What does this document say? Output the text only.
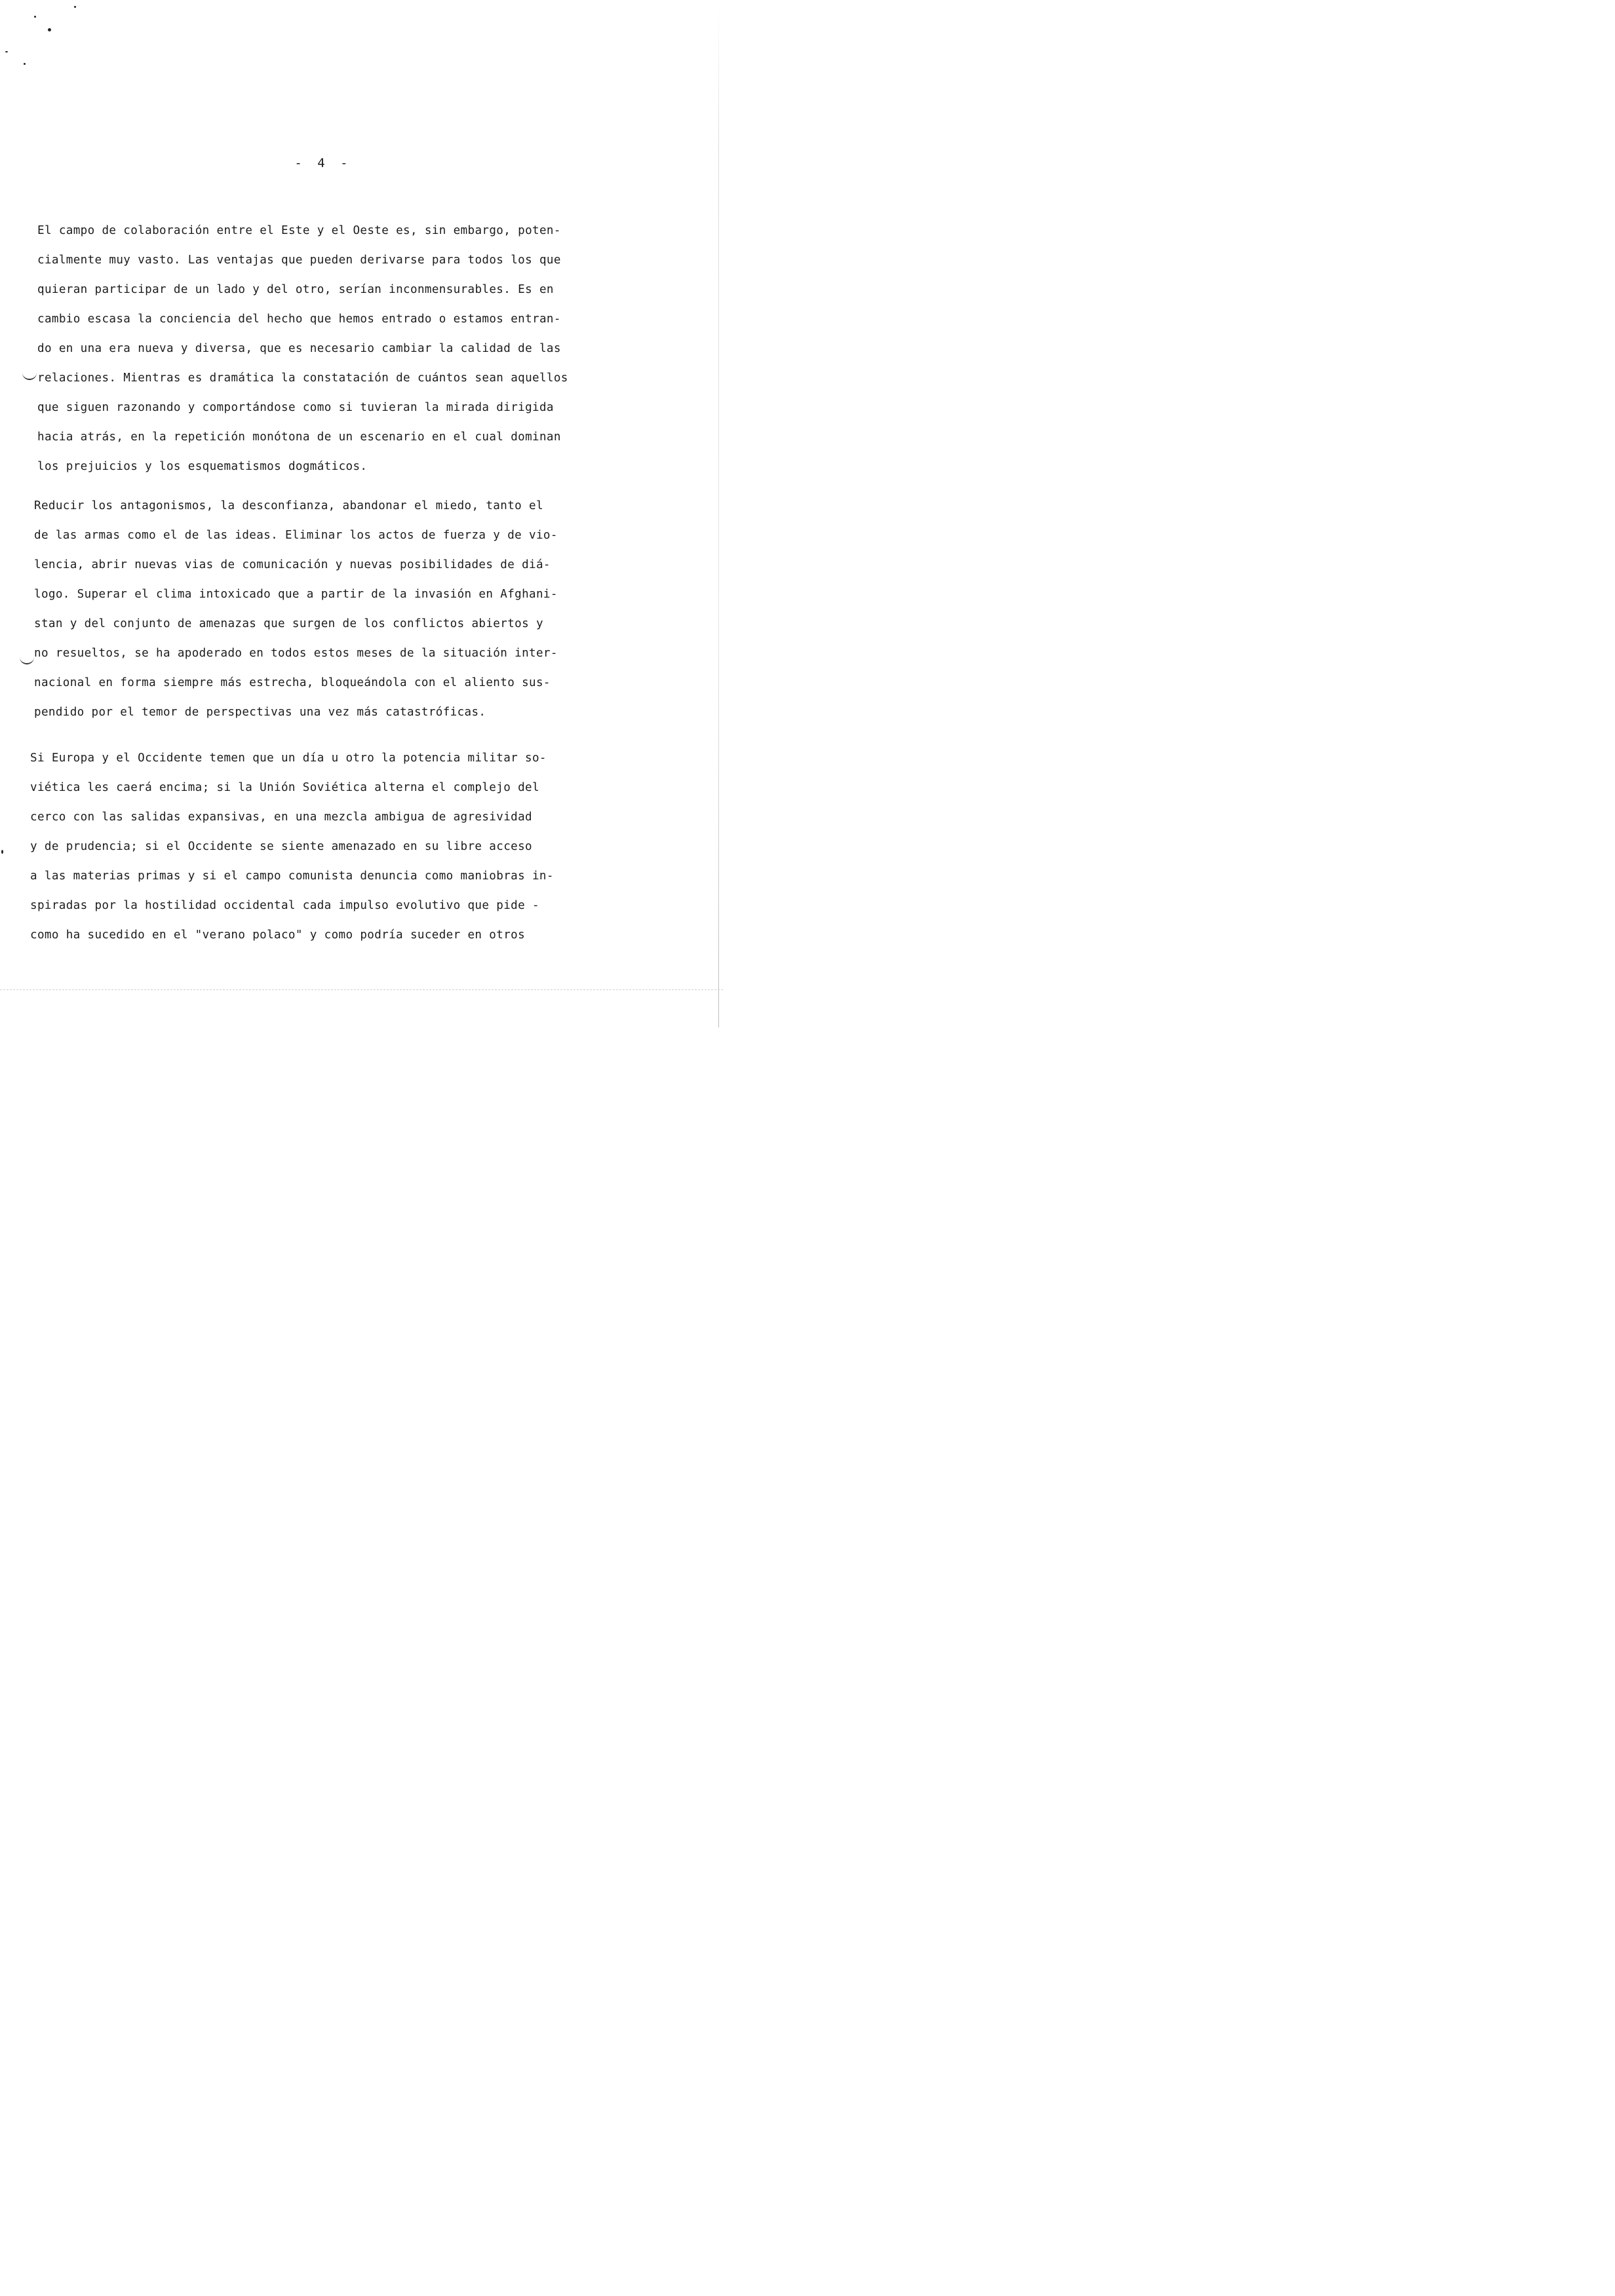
- 4 -
El campo de colaboración entre el Este y el Oeste es, sin embargo, poten-
cialmente muy vasto. Las ventajas que pueden derivarse para todos los que
quieran participar de un lado y del otro, serían inconmensurables. Es en
cambio escasa la conciencia del hecho que hemos entrado o estamos entran-
do en una era nueva y diversa, que es necesario cambiar la calidad de las
relaciones. Mientras es dramática la constatación de cuántos sean aquellos
que siguen razonando y comportándose como si tuvieran la mirada dirigida
hacia atrás, en la repetición monótona de un escenario en el cual dominan
los prejuicios y los esquematismos dogmáticos.
Reducir los antagonismos, la desconfianza, abandonar el miedo, tanto el
de las armas como el de las ideas. Eliminar los actos de fuerza y de vio-
lencia, abrir nuevas vias de comunicación y nuevas posibilidades de diá-
logo. Superar el clima intoxicado que a partir de la invasión en Afghani-
stan y del conjunto de amenazas que surgen de los conflictos abiertos y
no resueltos, se ha apoderado en todos estos meses de la situación inter-
nacional en forma siempre más estrecha, bloqueándola con el aliento sus-
pendido por el temor de perspectivas una vez más catastróficas.
Si Europa y el Occidente temen que un día u otro la potencia militar so-
viética les caerá encima; si la Unión Soviética alterna el complejo del
cerco con las salidas expansivas, en una mezcla ambigua de agresividad
y de prudencia; si el Occidente se siente amenazado en su libre acceso
a las materias primas y si el campo comunista denuncia como maniobras in-
spiradas por la hostilidad occidental cada impulso evolutivo que pide -
como ha sucedido en el "verano polaco" y como podría suceder en otros
